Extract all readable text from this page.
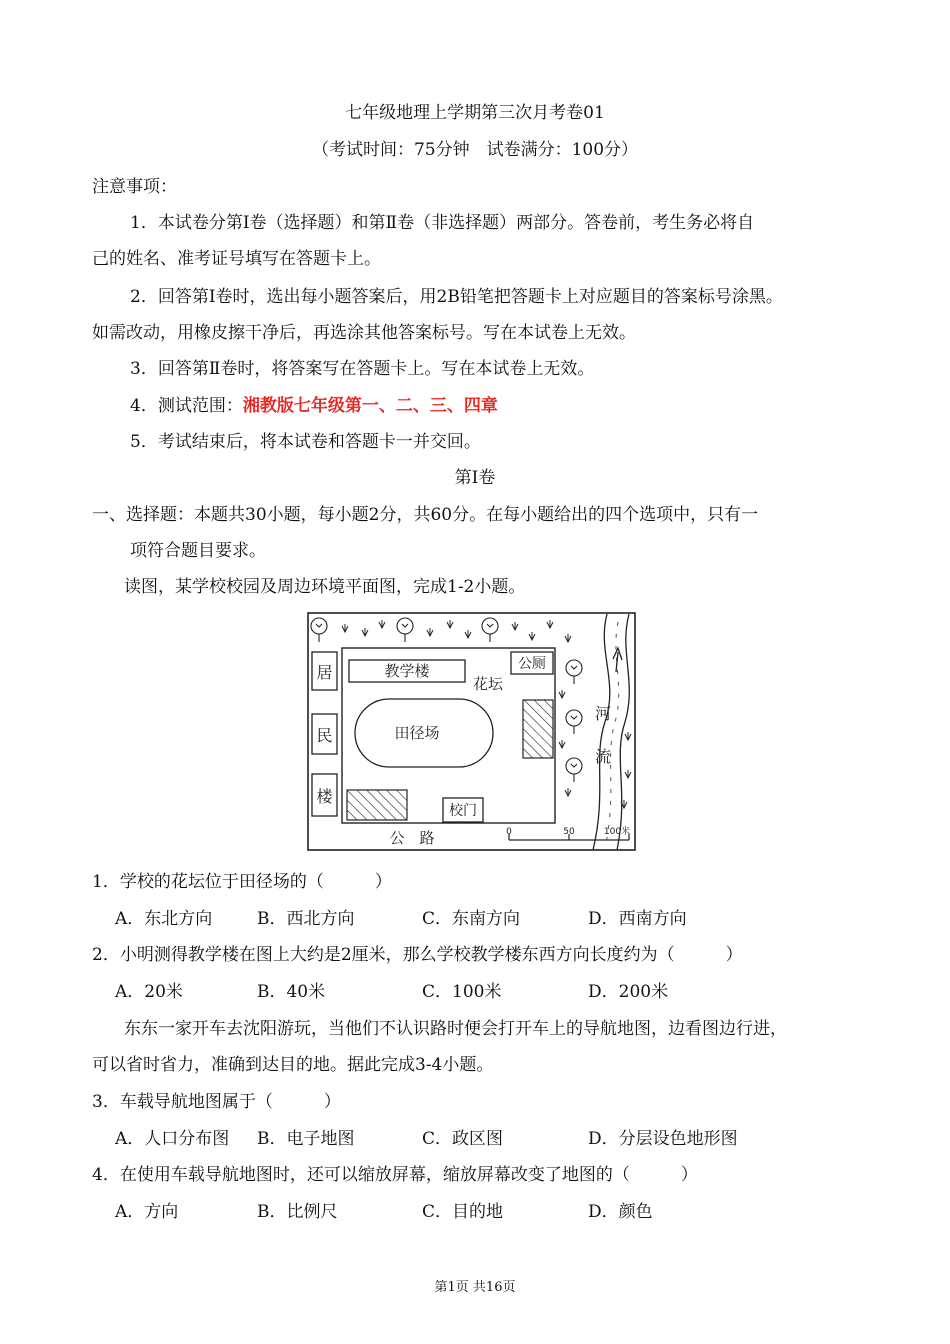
七年级地理上学期第三次月考卷01
（考试时间：75分钟　试卷满分：100分）
注意事项：
1．本试卷分第Ⅰ卷（选择题）和第Ⅱ卷（非选择题）两部分。答卷前，考生务必将自
己的姓名、准考证号填写在答题卡上。
2．回答第Ⅰ卷时，选出每小题答案后，用2B铅笔把答题卡上对应题目的答案标号涂黑。
如需改动，用橡皮擦干净后，再选涂其他答案标号。写在本试卷上无效。
3．回答第Ⅱ卷时，将答案写在答题卡上。写在本试卷上无效。
4．测试范围：湘教版七年级第一、二、三、四章
5．考试结束后，将本试卷和答题卡一并交回。
第Ⅰ卷
一、选择题：本题共30小题，每小题2分，共60分。在每小题给出的四个选项中，只有一
项符合题目要求。
读图，某学校校园及周边环境平面图，完成1-2小题。
居
民
楼
教学楼	公厕
花坛
田径场
校门
公　路	0	50	100米
河
流
1．学校的花坛位于田径场的（　　　）
A．东北方向	B．西北方向	C．东南方向	D．西南方向
2．小明测得教学楼在图上大约是2厘米，那么学校教学楼东西方向长度约为（　　　）
A．20米	B．40米	C．100米	D．200米
东东一家开车去沈阳游玩，当他们不认识路时便会打开车上的导航地图，边看图边行进，
可以省时省力，准确到达目的地。据此完成3-4小题。
3．车载导航地图属于（　　　）
A．人口分布图 B．电子地图	C．政区图	D．分层设色地形图
4．在使用车载导航地图时，还可以缩放屏幕，缩放屏幕改变了地图的（　　　）
A．方向	B．比例尺	C．目的地	D．颜色
第1页 共16页
